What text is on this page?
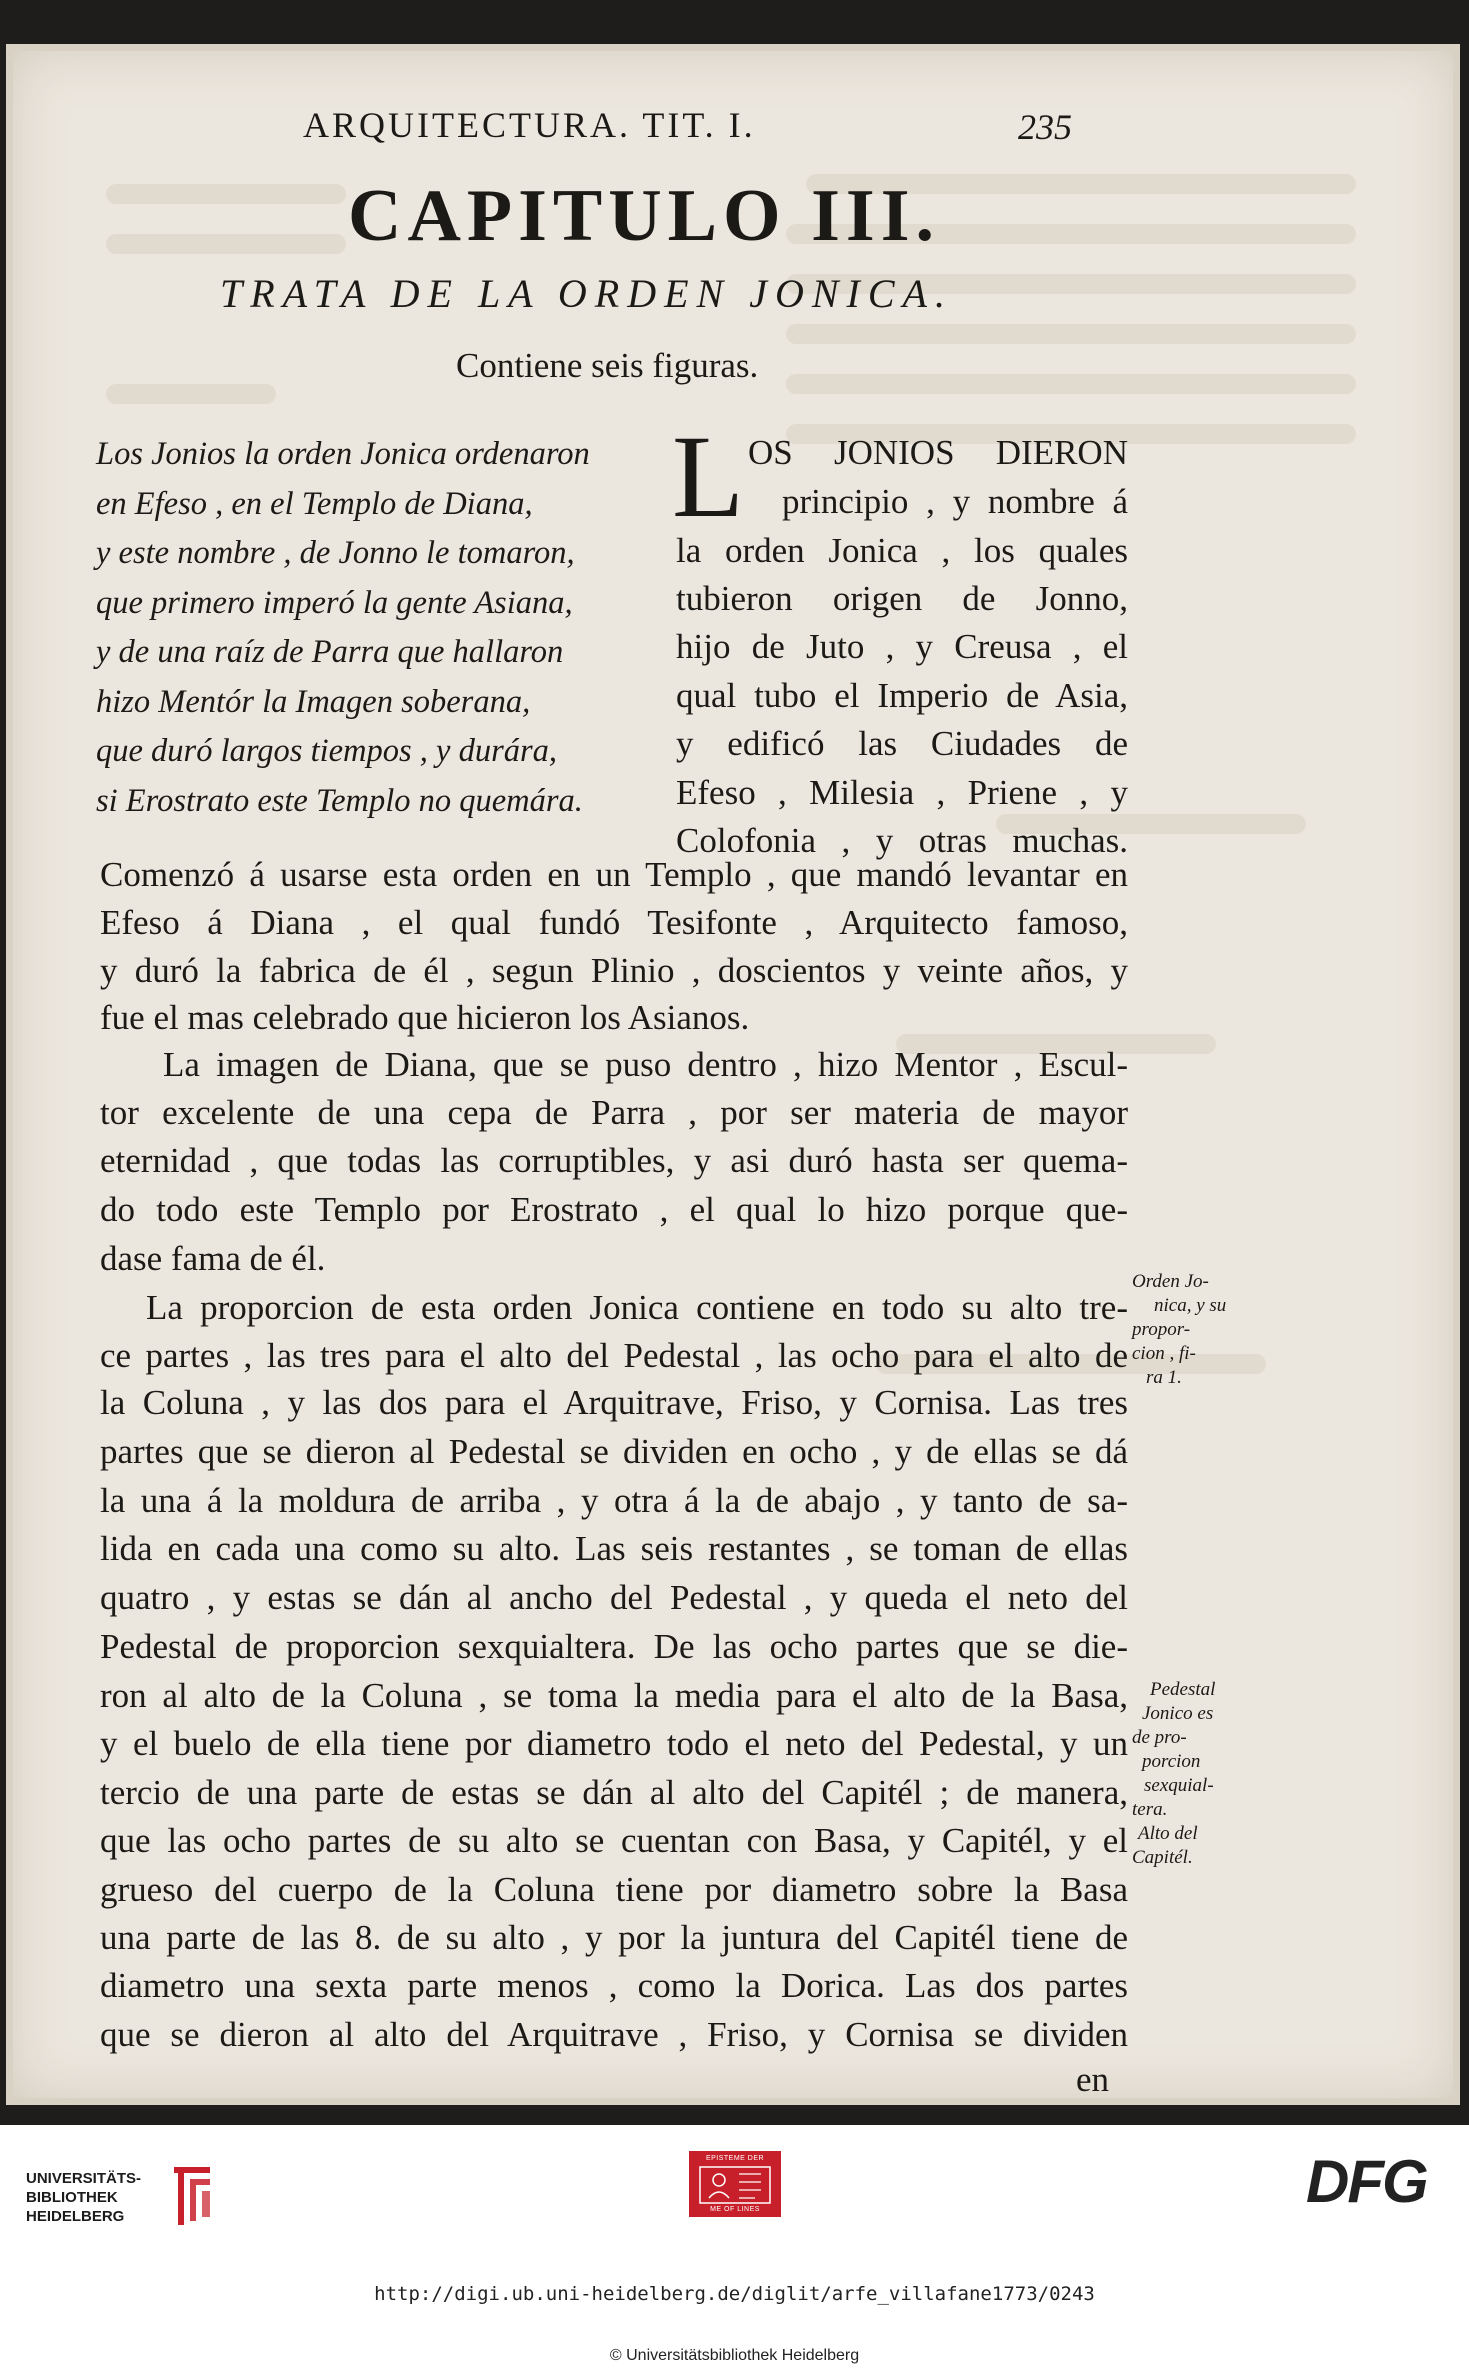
ARQUITECTURA. TIT. I.	235

CAPITULO III.

TRATA DE LA ORDEN JONICA.

Contiene seis figuras.

Los Jonios la orden Jonica ordenaron
en Efeso , en el Templo de Diana,
y este nombre , de Jonno le tomaron,
que primero imperó la gente Asiana,
y de una raíz de Parra que hallaron
hizo Mentór la Imagen soberana,
que duró largos tiempos , y durára,
si Erostrato este Templo no quemára.
L OS JONIOS DIERON

principio , y nombre á

la orden Jonica , los quales

tubieron origen de Jonno,

hijo de Juto , y Creusa , el

qual tubo el Imperio de Asia,

y edificó las Ciudades de

Efeso , Milesia , Priene , y

Colofonia , y otras muchas.

Comenzó á usarse esta orden en un Templo , que mandó levantar en

Efeso á Diana , el qual fundó Tesifonte , Arquitecto famoso,

y duró la fabrica de él , segun Plinio , doscientos y veinte años, y

fue el mas celebrado que hicieron los Asianos.

La imagen de Diana, que se puso dentro , hizo Mentor , Escul-

tor excelente de una cepa de Parra , por ser materia de mayor

eternidad , que todas las corruptibles, y asi duró hasta ser quema-

do todo este Templo por Erostrato , el qual lo hizo porque que-

dase fama de él.

La proporcion de esta orden Jonica contiene en todo su alto tre-

ce partes , las tres para el alto del Pedestal , las ocho para el alto de

la Coluna , y las dos para el Arquitrave, Friso, y Cornisa. Las tres

partes que se dieron al Pedestal se dividen en ocho , y de ellas se dá

la una á la moldura de arriba , y otra á la de abajo , y tanto de sa-

lida en cada una como su alto. Las seis restantes , se toman de ellas

quatro , y estas se dán al ancho del Pedestal , y queda el neto del

Pedestal de proporcion sexquialtera. De las ocho partes que se die-

ron al alto de la Coluna , se toma la media para el alto de la Basa,

y el buelo de ella tiene por diametro todo el neto del Pedestal, y un

tercio de una parte de estas se dán al alto del Capitél ; de manera,

que las ocho partes de su alto se cuentan con Basa, y Capitél, y el

grueso del cuerpo de la Coluna tiene por diametro sobre la Basa

una parte de las 8. de su alto , y por la juntura del Capitél tiene de

diametro una sexta parte menos , como la Dorica. Las dos partes

que se dieron al alto del Arquitrave , Friso, y Cornisa se dividen

en

Orden Jo-
nica, y su
propor-
cion , fi-
ra 1.
Pedestal
Jonico es
de pro-
porcion
sexquial-
tera.
Alto del
Capitél.
UNIVERSITÄTS-
BIBLIOTHEK
HEIDELBERG
EPISTEME DER
ME OF LINES	DFG
http://digi.ub.uni-heidelberg.de/diglit/arfe_villafane1773/0243
© Universitätsbibliothek Heidelberg
